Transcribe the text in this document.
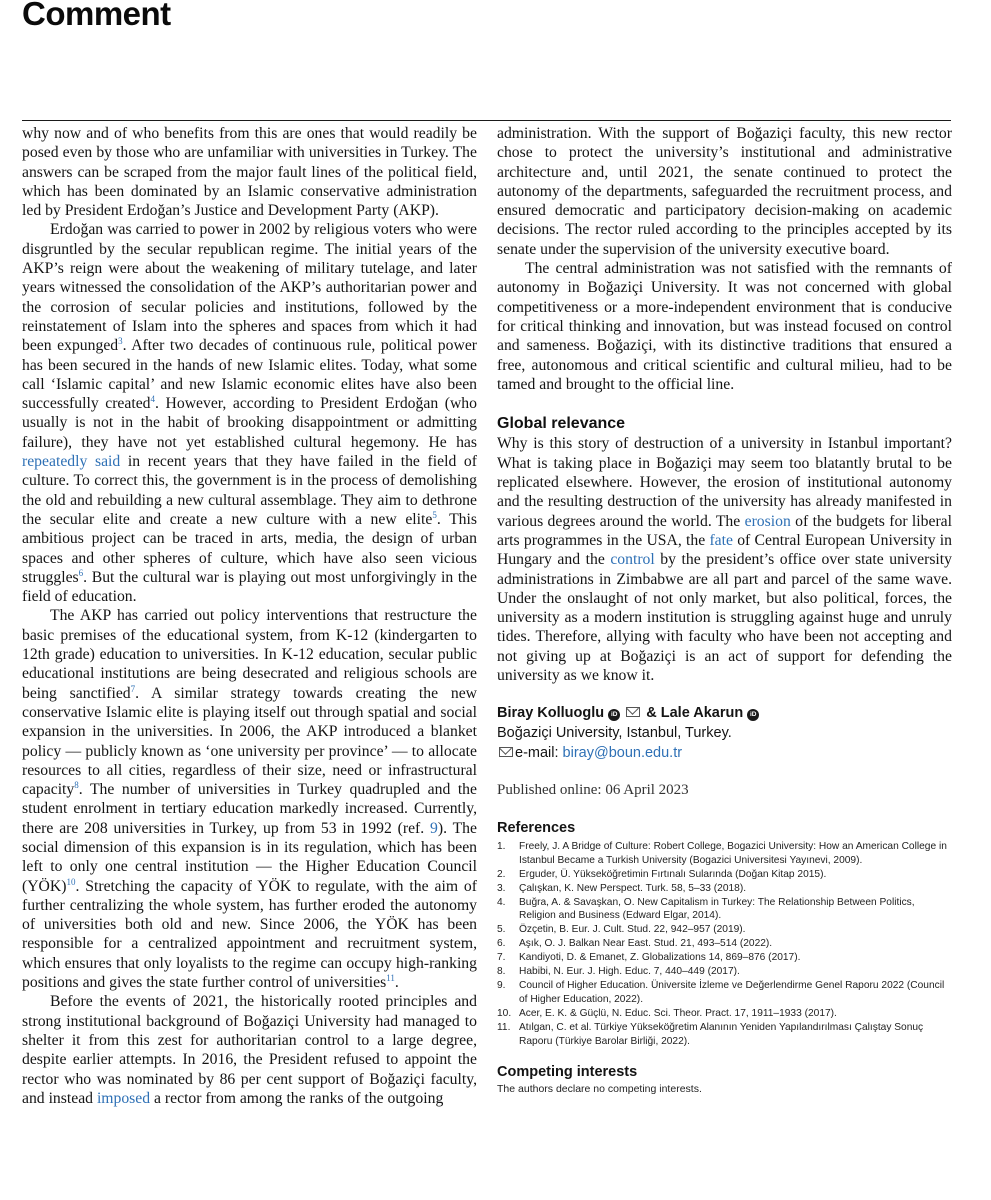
Comment

why now and of who benefits from this are ones that would readily be posed even by those who are unfamiliar with universities in Turkey. The answers can be scraped from the major fault lines of the political field, which has been dominated by an Islamic conservative administration led by President Erdoğan’s Justice and Development Party (AKP).

Erdoğan was carried to power in 2002 by religious voters who were disgruntled by the secular republican regime. The initial years of the AKP’s reign were about the weakening of military tutelage, and later years witnessed the consolidation of the AKP’s authoritarian power and the corrosion of secular policies and institutions, followed by the reinstatement of Islam into the spheres and spaces from which it had been expunged$^3$. After two decades of continuous rule, political power has been secured in the hands of new Islamic elites. Today, what some call ‘Islamic capital’ and new Islamic economic elites have also been successfully created$^4$. However, according to President Erdoğan (who usually is not in the habit of brooking disappointment or admitting failure), they have not yet established cultural hegemony. He has repeatedly said in recent years that they have failed in the field of culture. To correct this, the government is in the process of demolishing the old and rebuilding a new cultural assemblage. They aim to dethrone the secular elite and create a new culture with a new elite$^5$. This ambitious project can be traced in arts, media, the design of urban spaces and other spheres of culture, which have also seen vicious struggles$^6$. But the cultural war is playing out most unforgivingly in the field of education.

The AKP has carried out policy interventions that restructure the basic premises of the educational system, from K-12 (kindergarten to 12th grade) education to universities. In K-12 education, secular public educational institutions are being desecrated and religious schools are being sanctified$^7$. A similar strategy towards creating the new conservative Islamic elite is playing itself out through spatial and social expansion in the universities. In 2006, the AKP introduced a blanket policy — publicly known as ‘one university per province’ — to allocate resources to all cities, regardless of their size, need or infrastructural capacity$^8$. The number of universities in Turkey quadrupled and the student enrolment in tertiary education markedly increased. Currently, there are 208 universities in Turkey, up from 53 in 1992 (ref. 9). The social dimension of this expansion is in its regulation, which has been left to only one central institution — the Higher Education Council (YÖK)$^{10}$. Stretching the capacity of YÖK to regulate, with the aim of further centralizing the whole system, has further eroded the autonomy of universities both old and new. Since 2006, the YÖK has been responsible for a centralized appointment and recruitment system, which ensures that only loyalists to the regime can occupy high-ranking positions and gives the state further control of universities$^{11}$.

Before the events of 2021, the historically rooted principles and strong institutional background of Boğaziçi University had managed to shelter it from this zest for authoritarian control to a large degree, despite earlier attempts. In 2016, the President refused to appoint the rector who was nominated by 86 per cent support of Boğaziçi faculty, and instead imposed a rector from among the ranks of the outgoing

administration. With the support of Boğaziçi faculty, this new rector chose to protect the university’s institutional and administrative architecture and, until 2021, the senate continued to protect the autonomy of the departments, safeguarded the recruitment process, and ensured democratic and participatory decision-making on academic decisions. The rector ruled according to the principles accepted by its senate under the supervision of the university executive board.

The central administration was not satisfied with the remnants of autonomy in Boğaziçi University. It was not concerned with global competitiveness or a more-independent environment that is conducive for critical thinking and innovation, but was instead focused on control and sameness. Boğaziçi, with its distinctive traditions that ensured a free, autonomous and critical scientific and cultural milieu, had to be tamed and brought to the official line.

Global relevance

Why is this story of destruction of a university in Istanbul important? What is taking place in Boğaziçi may seem too blatantly brutal to be replicated elsewhere. However, the erosion of institutional autonomy and the resulting destruction of the university has already manifested in various degrees around the world. The erosion of the budgets for liberal arts programmes in the USA, the fate of Central European University in Hungary and the control by the president’s office over state university administrations in Zimbabwe are all part and parcel of the same wave. Under the onslaught of not only market, but also political, forces, the university as a modern institution is struggling against huge and unruly tides. Therefore, allying with faculty who have been not accepting and not giving up at Boğaziçi is an act of support for defending the university as we know it.

Biray Kolluoglu iD & Lale Akarun iD
Boğaziçi University, Istanbul, Turkey.
e-mail: biray@boun.edu.tr
Published online: 06 April 2023
References
1. Freely, J. A Bridge of Culture: Robert College, Bogazici University: How an American College in Istanbul Became a Turkish University (Bogazici Universitesi Yayınevi, 2009).
2. Erguder, Ü. Yükseköğretimin Fırtınalı Sularında (Doğan Kitap 2015).
3. Çalışkan, K. New Perspect. Turk. 58, 5–33 (2018).
4. Buğra, A. & Savaşkan, O. New Capitalism in Turkey: The Relationship Between Politics, Religion and Business (Edward Elgar, 2014).
5. Özçetin, B. Eur. J. Cult. Stud. 22, 942–957 (2019).
6. Aşık, O. J. Balkan Near East. Stud. 21, 493–514 (2022).
7. Kandiyoti, D. & Emanet, Z. Globalizations 14, 869–876 (2017).
8. Habibi, N. Eur. J. High. Educ. 7, 440–449 (2017).
9. Council of Higher Education. Üniversite İzleme ve Değerlendirme Genel Raporu 2022 (Council of Higher Education, 2022).
10. Acer, E. K. & Güçlü, N. Educ. Sci. Theor. Pract. 17, 1911–1933 (2017).
11. Atılgan, C. et al. Türkiye Yükseköğretim Alanının Yeniden Yapılandırılması Çalıştay Sonuç Raporu (Türkiye Barolar Birliği, 2022).
Competing interests
The authors declare no competing interests.
